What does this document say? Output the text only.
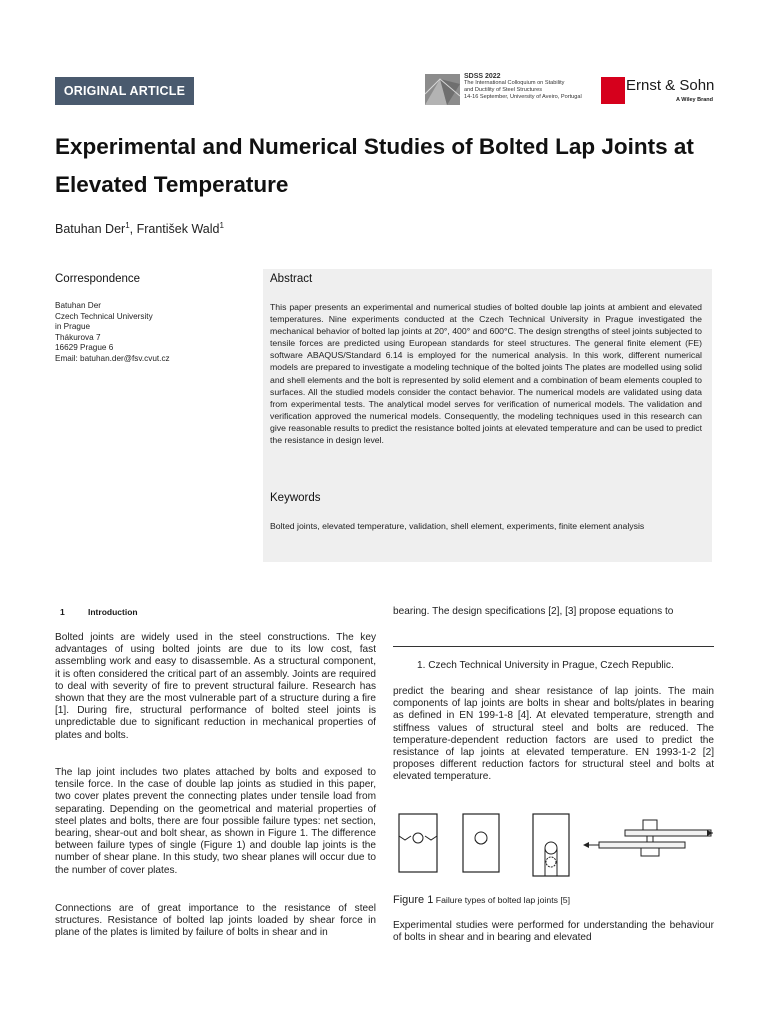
ORIGINAL ARTICLE
SDSS 2022
The International Colloquium on Stability
and Ductility of Steel Structures
14-16 September, University of Aveiro, Portugal
Ernst & Sohn
A Wiley Brand
Experimental and Numerical Studies of Bolted Lap Joints at Elevated Temperature
Batuhan Der$^1$, František Wald$^1$
Correspondence
Batuhan Der
Czech Technical University
in Prague
Thákurova 7
16629 Prague 6
Email: batuhan.der@fsv.cvut.cz
Abstract
This paper presents an experimental and numerical studies of bolted double lap joints at ambient and elevated temperatures. Nine experiments conducted at the Czech Technical University in Prague investigated the mechanical behavior of bolted lap joints at 20°, 400° and 600°C. The design strengths of steel joints subjected to tensile forces are predicted using European standards for steel structures. The general finite element (FE) software ABAQUS/Standard 6.14 is employed for the numerical analysis. In this work, different numerical models are prepared to investigate a modeling technique of the bolted joints The plates are modelled using solid and shell elements and the bolt is represented by solid element and a combination of beam elements coupled to surfaces. All the studied models consider the contact behavior. The numerical models are validated using data from experimental tests. The analytical model serves for verification of numerical models. The validation and verification approved the numerical models. Consequently, the modeling techniques used in this research can give reasonable results to predict the resistance bolted joints at elevated temperature and can be used to predict the resistance in design level.
Keywords
Bolted joints, elevated temperature, validation, shell element, experiments, finite element analysis
1	Introduction
Bolted joints are widely used in the steel constructions. The key advantages of using bolted joints are due to its low cost, fast assembling work and easy to disassemble. As a structural component, it is often considered the critical part of an assembly. Joints are required to deal with severity of fire to prevent structural failure. Research has shown that they are the most vulnerable part of a structure during a fire [1]. During fire, structural performance of bolted steel joints is unpredictable due to significant reduction in mechanical properties of plates and bolts.
The lap joint includes two plates attached by bolts and exposed to tensile force. In the case of double lap joints as studied in this paper, two cover plates prevent the connecting plates under tensile load from separating. Depending on the geometrical and material properties of steel plates and bolts, there are four possible failure types: net section, bearing, shear-out and bolt shear, as shown in Figure 1. The difference between failure types of single (Figure 1) and double lap joints is the number of shear plane. In this study, two shear planes will occur due to the number of cover plates.
Connections are of great importance to the resistance of steel structures. Resistance of bolted lap joints loaded by shear force in plane of the plates is limited by failure of bolts in shear and in
bearing. The design specifications [2], [3] propose equations to
1. Czech Technical University in Prague, Czech Republic.
predict the bearing and shear resistance of lap joints. The main components of lap joints are bolts in shear and bolts/plates in bearing as defined in EN 199-1-8 [4]. At elevated temperature, strength and stiffness values of structural steel and bolts are reduced. The temperature-dependent reduction factors are used to predict the resistance of lap joints at elevated temperature. EN 1993-1-2 [2] proposes different reduction factors for structural steel and bolts at elevated temperature.
Figure 1 Failure types of bolted lap joints [5]
Experimental studies were performed for understanding the behaviour of bolts in shear and in bearing and elevated
